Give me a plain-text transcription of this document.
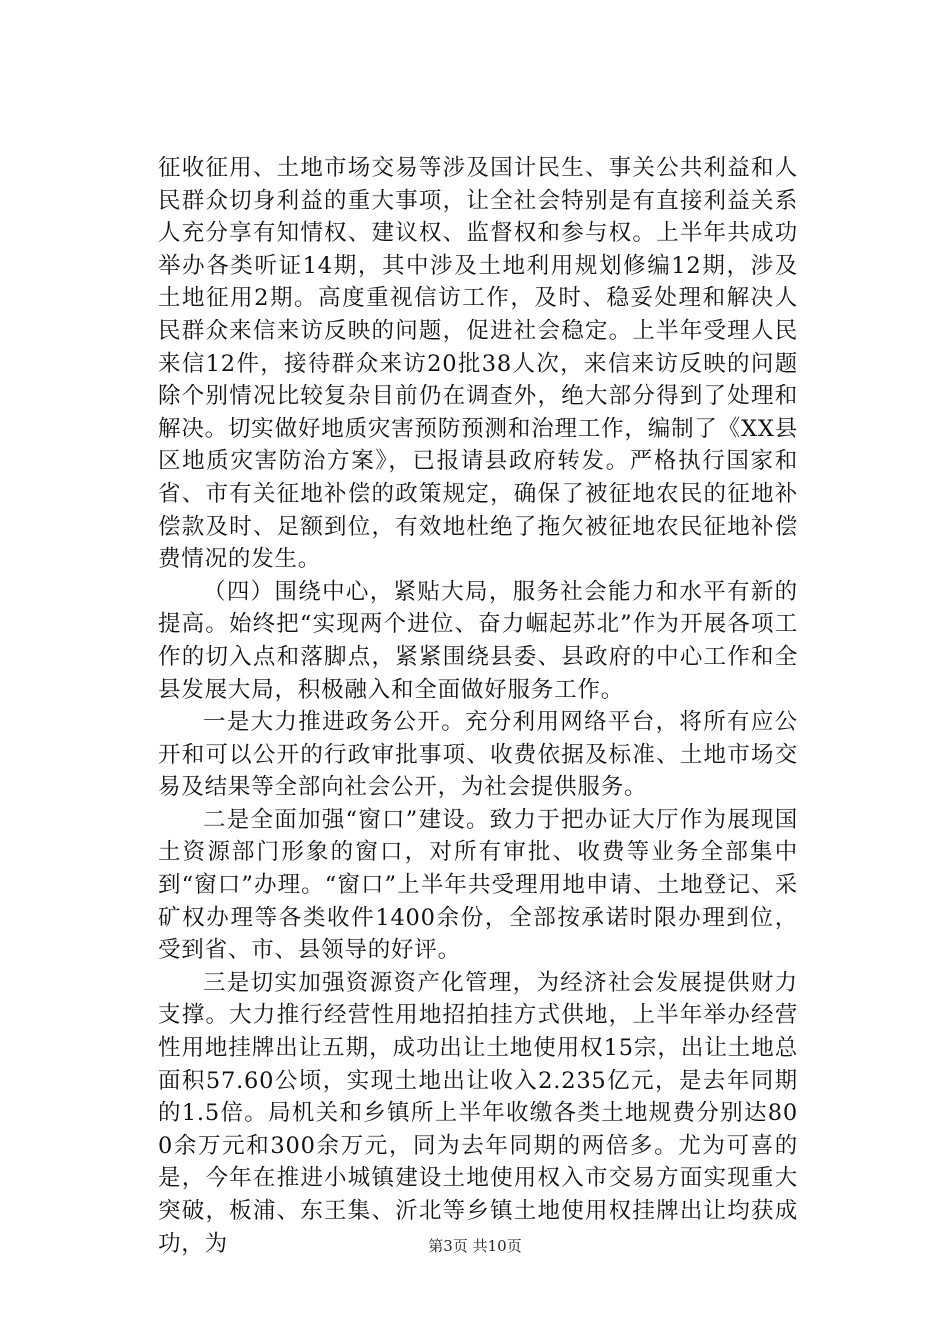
征收征用、土地市场交易等涉及国计民生、事关公共利益和人民群众切身利益的重大事项，让全社会特别是有直接利益关系人充分享有知情权、建议权、监督权和参与权。上半年共成功举办各类听证14期，其中涉及土地利用规划修编12期，涉及土地征用2期。高度重视信访工作，及时、稳妥处理和解决人民群众来信来访反映的问题，促进社会稳定。上半年受理人民来信12件，接待群众来访20批38人次，来信来访反映的问题除个别情况比较复杂目前仍在调查外，绝大部分得到了处理和解决。切实做好地质灾害预防预测和治理工作，编制了《XX县区地质灾害防治方案》，已报请县政府转发。严格执行国家和省、市有关征地补偿的政策规定，确保了被征地农民的征地补偿款及时、足额到位，有效地杜绝了拖欠被征地农民征地补偿费情况的发生。

（四）围绕中心，紧贴大局，服务社会能力和水平有新的提高。始终把“实现两个进位、奋力崛起苏北”作为开展各项工作的切入点和落脚点，紧紧围绕县委、县政府的中心工作和全县发展大局，积极融入和全面做好服务工作。

一是大力推进政务公开。充分利用网络平台，将所有应公开和可以公开的行政审批事项、收费依据及标准、土地市场交易及结果等全部向社会公开，为社会提供服务。

二是全面加强“窗口”建设。致力于把办证大厅作为展现国土资源部门形象的窗口，对所有审批、收费等业务全部集中到“窗口”办理。“窗口”上半年共受理用地申请、土地登记、采矿权办理等各类收件1400余份，全部按承诺时限办理到位，受到省、市、县领导的好评。

三是切实加强资源资产化管理，为经济社会发展提供财力支撑。大力推行经营性用地招拍挂方式供地，上半年举办经营性用地挂牌出让五期，成功出让土地使用权15宗，出让土地总面积57.60公顷，实现土地出让收入2.235亿元，是去年同期的1.5倍。局机关和乡镇所上半年收缴各类土地规费分别达800余万元和300余万元，同为去年同期的两倍多。尤为可喜的是，今年在推进小城镇建设土地使用权入市交易方面实现重大突破，板浦、东王集、沂北等乡镇土地使用权挂牌出让均获成功，为	第3页 共10页
